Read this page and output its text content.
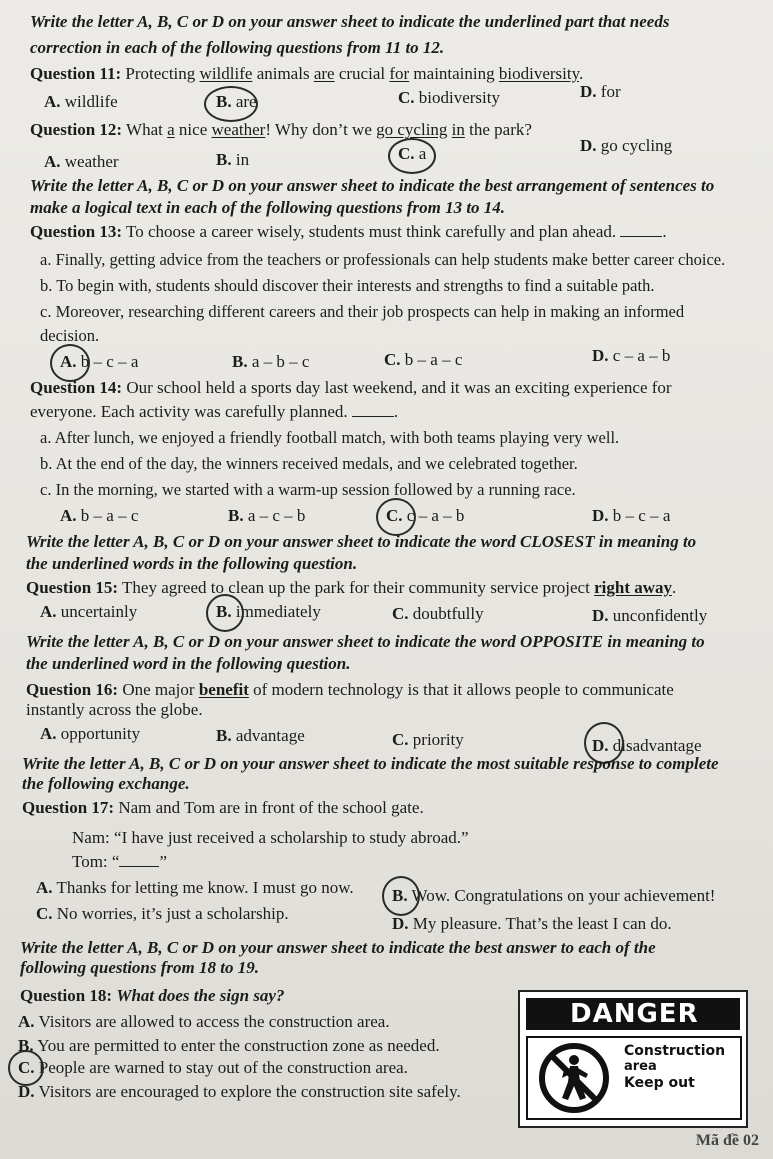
Write the letter A, B, C or D on your answer sheet to indicate the underlined part that needs
correction in each of the following questions from 11 to 12.
Question 11: Protecting wildlife animals are crucial for maintaining biodiversity.
A. wildlife	B. are	C. biodiversity	D. for
Question 12: What a nice weather! Why don’t we go cycling in the park?
A. weather	B. in	C. a	D. go cycling
Write the letter A, B, C or D on your answer sheet to indicate the best arrangement of sentences to
make a logical text in each of the following questions from 13 to 14.
Question 13: To choose a career wisely, students must think carefully and plan ahead.	.
a. Finally, getting advice from the teachers or professionals can help students make better career choice.
b. To begin with, students should discover their interests and strengths to find a suitable path.
c. Moreover, researching different careers and their job prospects can help in making an informed
decision.
A. b – c – a	B. a – b – c	C. b – a – c	D. c – a – b
Question 14: Our school held a sports day last weekend, and it was an exciting experience for
everyone. Each activity was carefully planned.	.
a. After lunch, we enjoyed a friendly football match, with both teams playing very well.
b. At the end of the day, the winners received medals, and we celebrated together.
c. In the morning, we started with a warm-up session followed by a running race.
A. b – a – c	B. a – c – b	C. c – a – b	D. b – c – a
Write the letter A, B, C or D on your answer sheet to indicate the word CLOSEST in meaning to
the underlined words in the following question.
Question 15: They agreed to clean up the park for their community service project right away.
A. uncertainly	B. immediately	C. doubtfully	D. unconfidently
Write the letter A, B, C or D on your answer sheet to indicate the word OPPOSITE in meaning to
the underlined word in the following question.
Question 16: One major benefit of modern technology is that it allows people to communicate
instantly across the globe.
A. opportunity	B. advantage	C. priority	D. disadvantage
Write the letter A, B, C or D on your answer sheet to indicate the most suitable response to complete
the following exchange.
Question 17: Nam and Tom are in front of the school gate.
Nam: “I have just received a scholarship to study abroad.”
Tom: “ ”
A. Thanks for letting me know. I must go now. B. Wow. Congratulations on your achievement!
C. No worries, it’s just a scholarship.
D. My pleasure. That’s the least I can do.
Write the letter A, B, C or D on your answer sheet to indicate the best answer to each of the
following questions from 18 to 19.
Question 18: What does the sign say?
A. Visitors are allowed to access the construction area.
B. You are permitted to enter the construction zone as needed.
C. People are warned to stay out of the construction area.
D. Visitors are encouraged to explore the construction site safely.
DANGER
Construction
area
Keep out
Mã đề 02
